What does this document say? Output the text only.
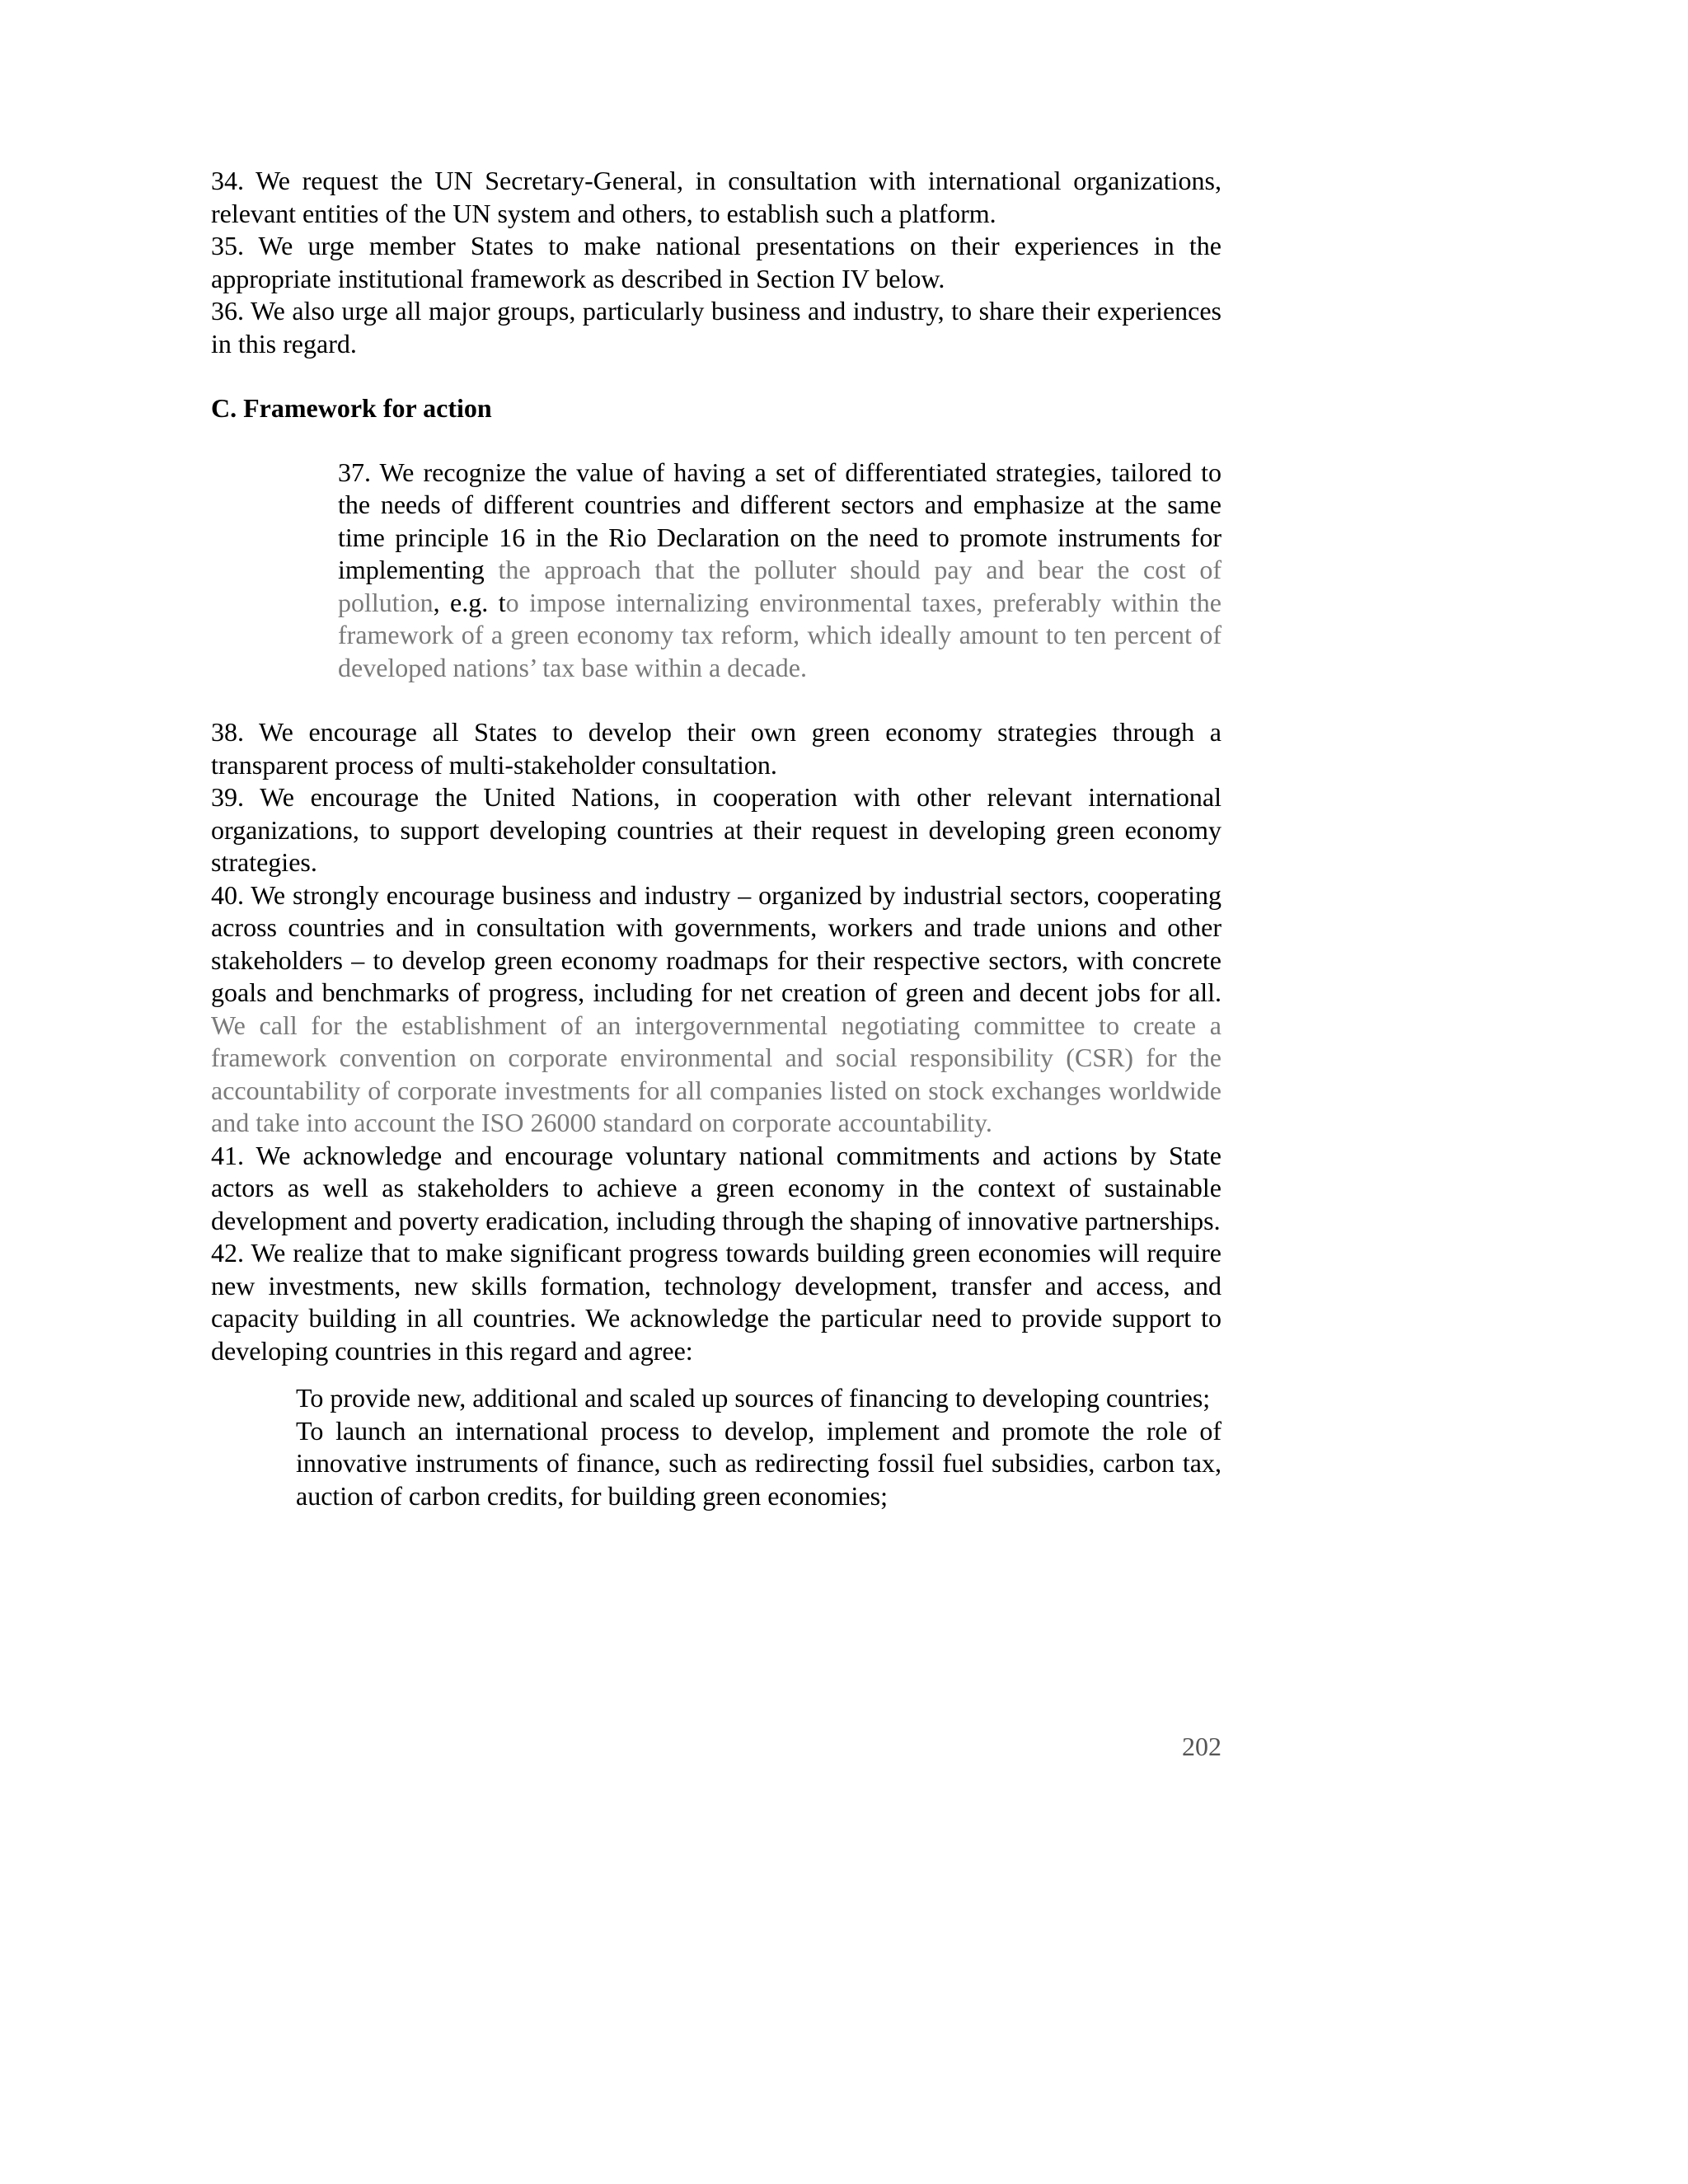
34. We request the UN Secretary-General, in consultation with international organizations, relevant entities of the UN system and others, to establish such a platform.

35. We urge member States to make national presentations on their experiences in the appropriate institutional framework as described in Section IV below.

36. We also urge all major groups, particularly business and industry, to share their experiences in this regard.

C. Framework for action

37. We recognize the value of having a set of differentiated strategies, tailored to the needs of different countries and different sectors and emphasize at the same time principle 16 in the Rio Declaration on the need to promote instruments for implementing the approach that the polluter should pay and bear the cost of pollution, e.g. to impose internalizing environmental taxes, preferably within the framework of a green economy tax reform, which ideally amount to ten percent of developed nations’ tax base within a decade.

38. We encourage all States to develop their own green economy strategies through a transparent process of multi-stakeholder consultation.

39. We encourage the United Nations, in cooperation with other relevant international organizations, to support developing countries at their request in developing green economy strategies.

40. We strongly encourage business and industry – organized by industrial sectors, cooperating across countries and in consultation with governments, workers and trade unions and other stakeholders – to develop green economy roadmaps for their respective sectors, with concrete goals and benchmarks of progress, including for net creation of green and decent jobs for all. We call for the establishment of an intergovernmental negotiating committee to create a framework convention on corporate environmental and social responsibility (CSR) for the accountability of corporate investments for all companies listed on stock exchanges worldwide and take into account the ISO 26000 standard on corporate accountability.

41. We acknowledge and encourage voluntary national commitments and actions by State actors as well as stakeholders to achieve a green economy in the context of sustainable development and poverty eradication, including through the shaping of innovative partnerships.

42. We realize that to make significant progress towards building green economies will require new investments, new skills formation, technology development, transfer and access, and capacity building in all countries. We acknowledge the particular need to provide support to developing countries in this regard and agree:

To provide new, additional and scaled up sources of financing to developing countries;

To launch an international process to develop, implement and promote the role of innovative instruments of finance, such as redirecting fossil fuel subsidies, carbon tax, auction of carbon credits, for building green economies;

202
